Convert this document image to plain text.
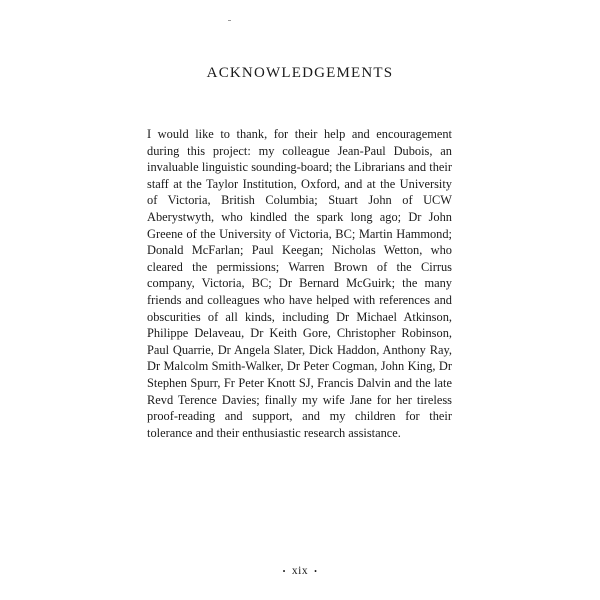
ACKNOWLEDGEMENTS

I would like to thank, for their help and encouragement during this project: my colleague Jean-Paul Dubois, an invaluable linguistic sounding-board; the Librarians and their staff at the Taylor Institution, Oxford, and at the University of Victoria, British Columbia; Stuart John of UCW Aberystwyth, who kindled the spark long ago; Dr John Greene of the University of Victoria, BC; Martin Hammond; Donald McFarlan; Paul Keegan; Nicholas Wetton, who cleared the permissions; Warren Brown of the Cirrus company, Victoria, BC; Dr Bernard McGuirk; the many friends and colleagues who have helped with references and obscurities of all kinds, including Dr Michael Atkinson, Philippe Delaveau, Dr Keith Gore, Christopher Robinson, Paul Quarrie, Dr Angela Slater, Dick Haddon, Anthony Ray, Dr Malcolm Smith-Walker, Dr Peter Cogman, John King, Dr Stephen Spurr, Fr Peter Knott SJ, Francis Dalvin and the late Revd Terence Davies; finally my wife Jane for her tireless proof-reading and support, and my children for their tolerance and their enthusiastic research assistance.

• xix •
